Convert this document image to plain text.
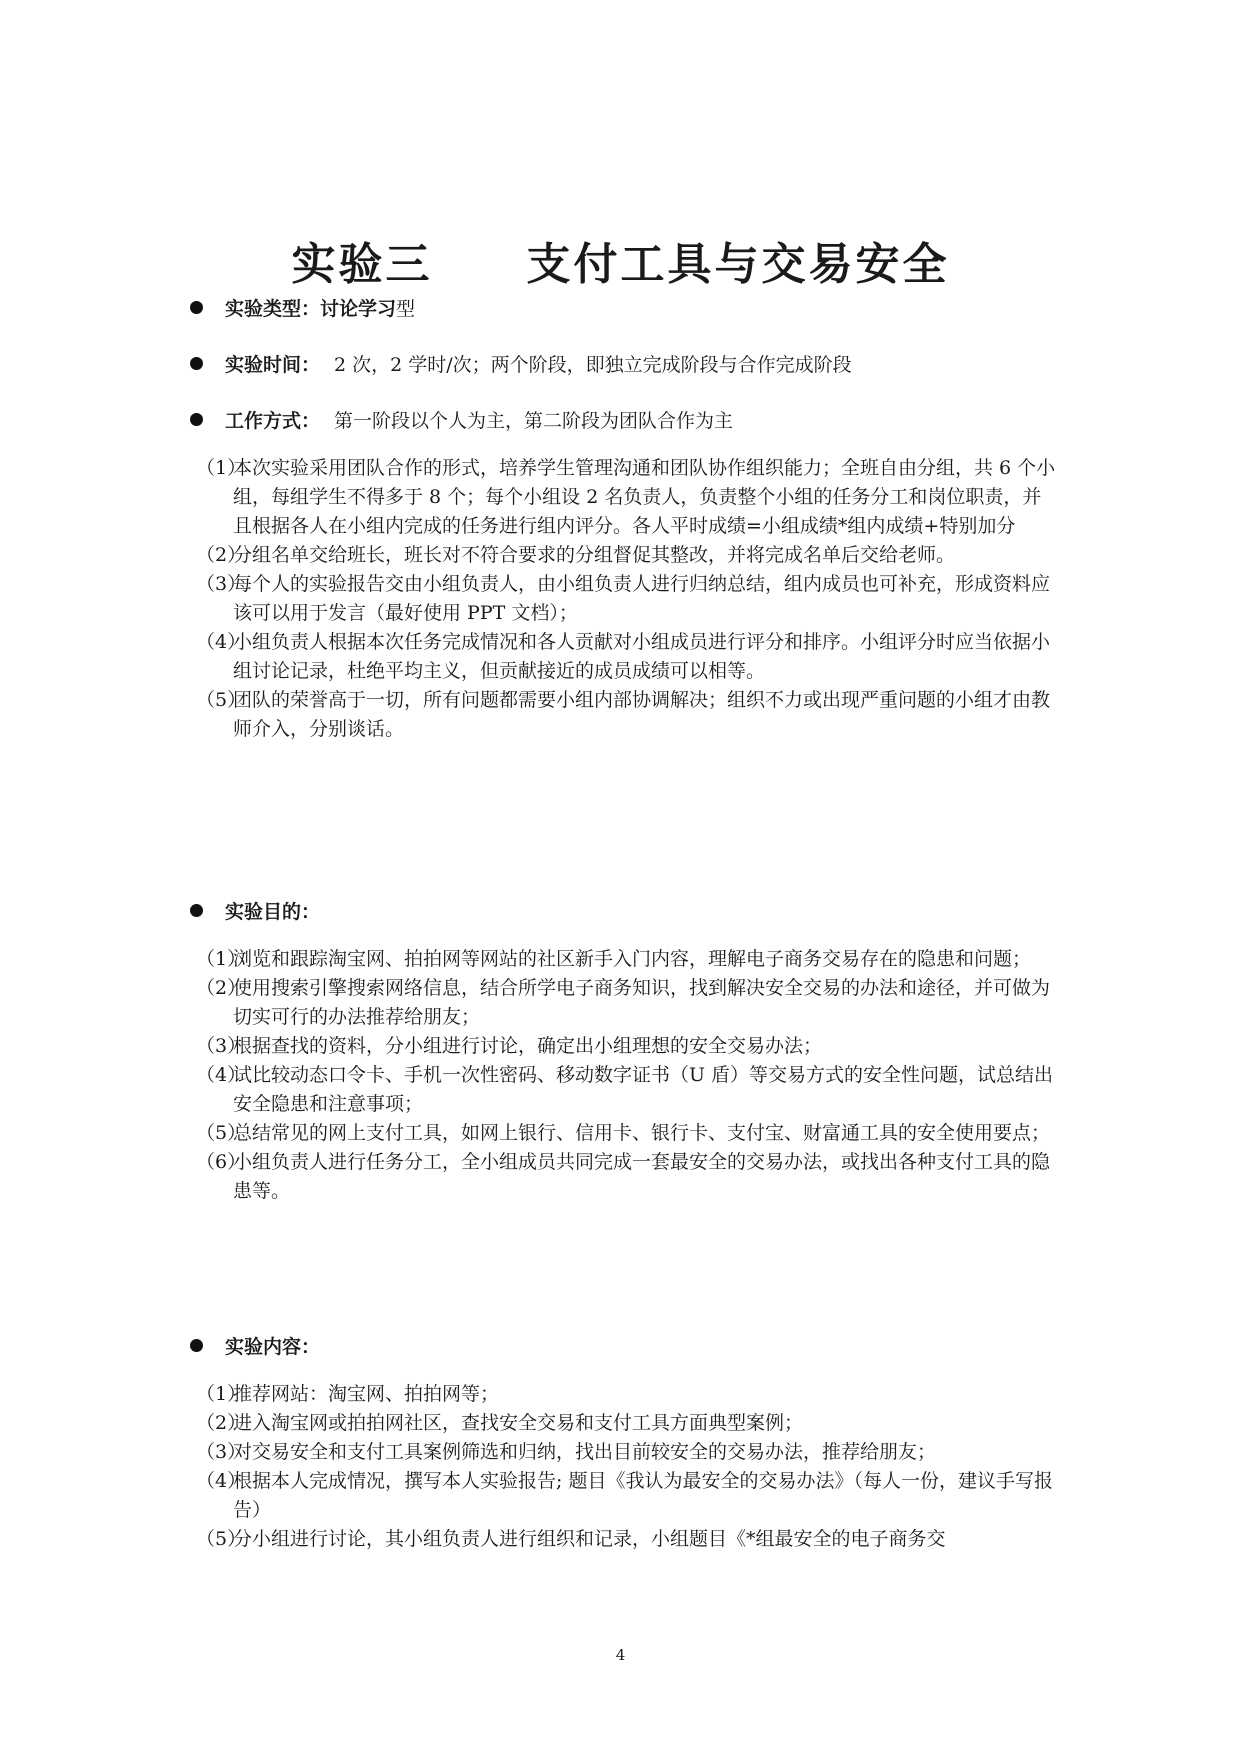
实验三　　支付工具与交易安全
实验类型：讨论学习 型
实验时间： 2 次，2 学时/次；两个阶段，即独立完成阶段与合作完成阶段
工作方式： 第一阶段以个人为主，第二阶段为团队合作为主
（1）本次实验采用团队合作的形式，培养学生管理沟通和团队协作组织能力；全班自由分组，共 6 个小组，每组学生不得多于 8 个；每个小组设 2 名负责人，负责整个小组的任务分工和岗位职责，并且根据各人在小组内完成的任务进行组内评分。各人平时成绩=小组成绩*组内成绩+特别加分
（2）分组名单交给班长，班长对不符合要求的分组督促其整改，并将完成名单后交给老师。
（3）每个人的实验报告交由小组负责人，由小组负责人进行归纳总结，组内成员也可补充，形成资料应该可以用于发言（最好使用 PPT 文档）；
（4）小组负责人根据本次任务完成情况和各人贡献对小组成员进行评分和排序。小组评分时应当依据小组讨论记录，杜绝平均主义，但贡献接近的成员成绩可以相等。
（5）团队的荣誉高于一切，所有问题都需要小组内部协调解决；组织不力或出现严重问题的小组才由教师介入，分别谈话。
实验目的：
（1）浏览和跟踪淘宝网、拍拍网等网站的社区新手入门内容，理解电子商务交易存在的隐患和问题；
（2）使用搜索引擎搜索网络信息，结合所学电子商务知识，找到解决安全交易的办法和途径，并可做为切实可行的办法推荐给朋友；
（3）根据查找的资料，分小组进行讨论，确定出小组理想的安全交易办法；
（4）试比较动态口令卡、手机一次性密码、移动数字证书（U 盾）等交易方式的安全性问题，试总结出安全隐患和注意事项；
（5）总结常见的网上支付工具，如网上银行、信用卡、银行卡、支付宝、财富通工具的安全使用要点；
（6）小组负责人进行任务分工，全小组成员共同完成一套最安全的交易办法，或找出各种支付工具的隐患等。
实验内容：
（1）推荐网站：淘宝网、拍拍网等；
（2）进入淘宝网或拍拍网社区，查找安全交易和支付工具方面典型案例；
（3）对交易安全和支付工具案例筛选和归纳，找出目前较安全的交易办法，推荐给朋友；
（4）根据本人完成情况，撰写本人实验报告; 题目《我认为最安全的交易办法》（每人一份，建议手写报告）
（5）分小组进行讨论，其小组负责人进行组织和记录，小组题目《*组最安全的电子商务交
4
